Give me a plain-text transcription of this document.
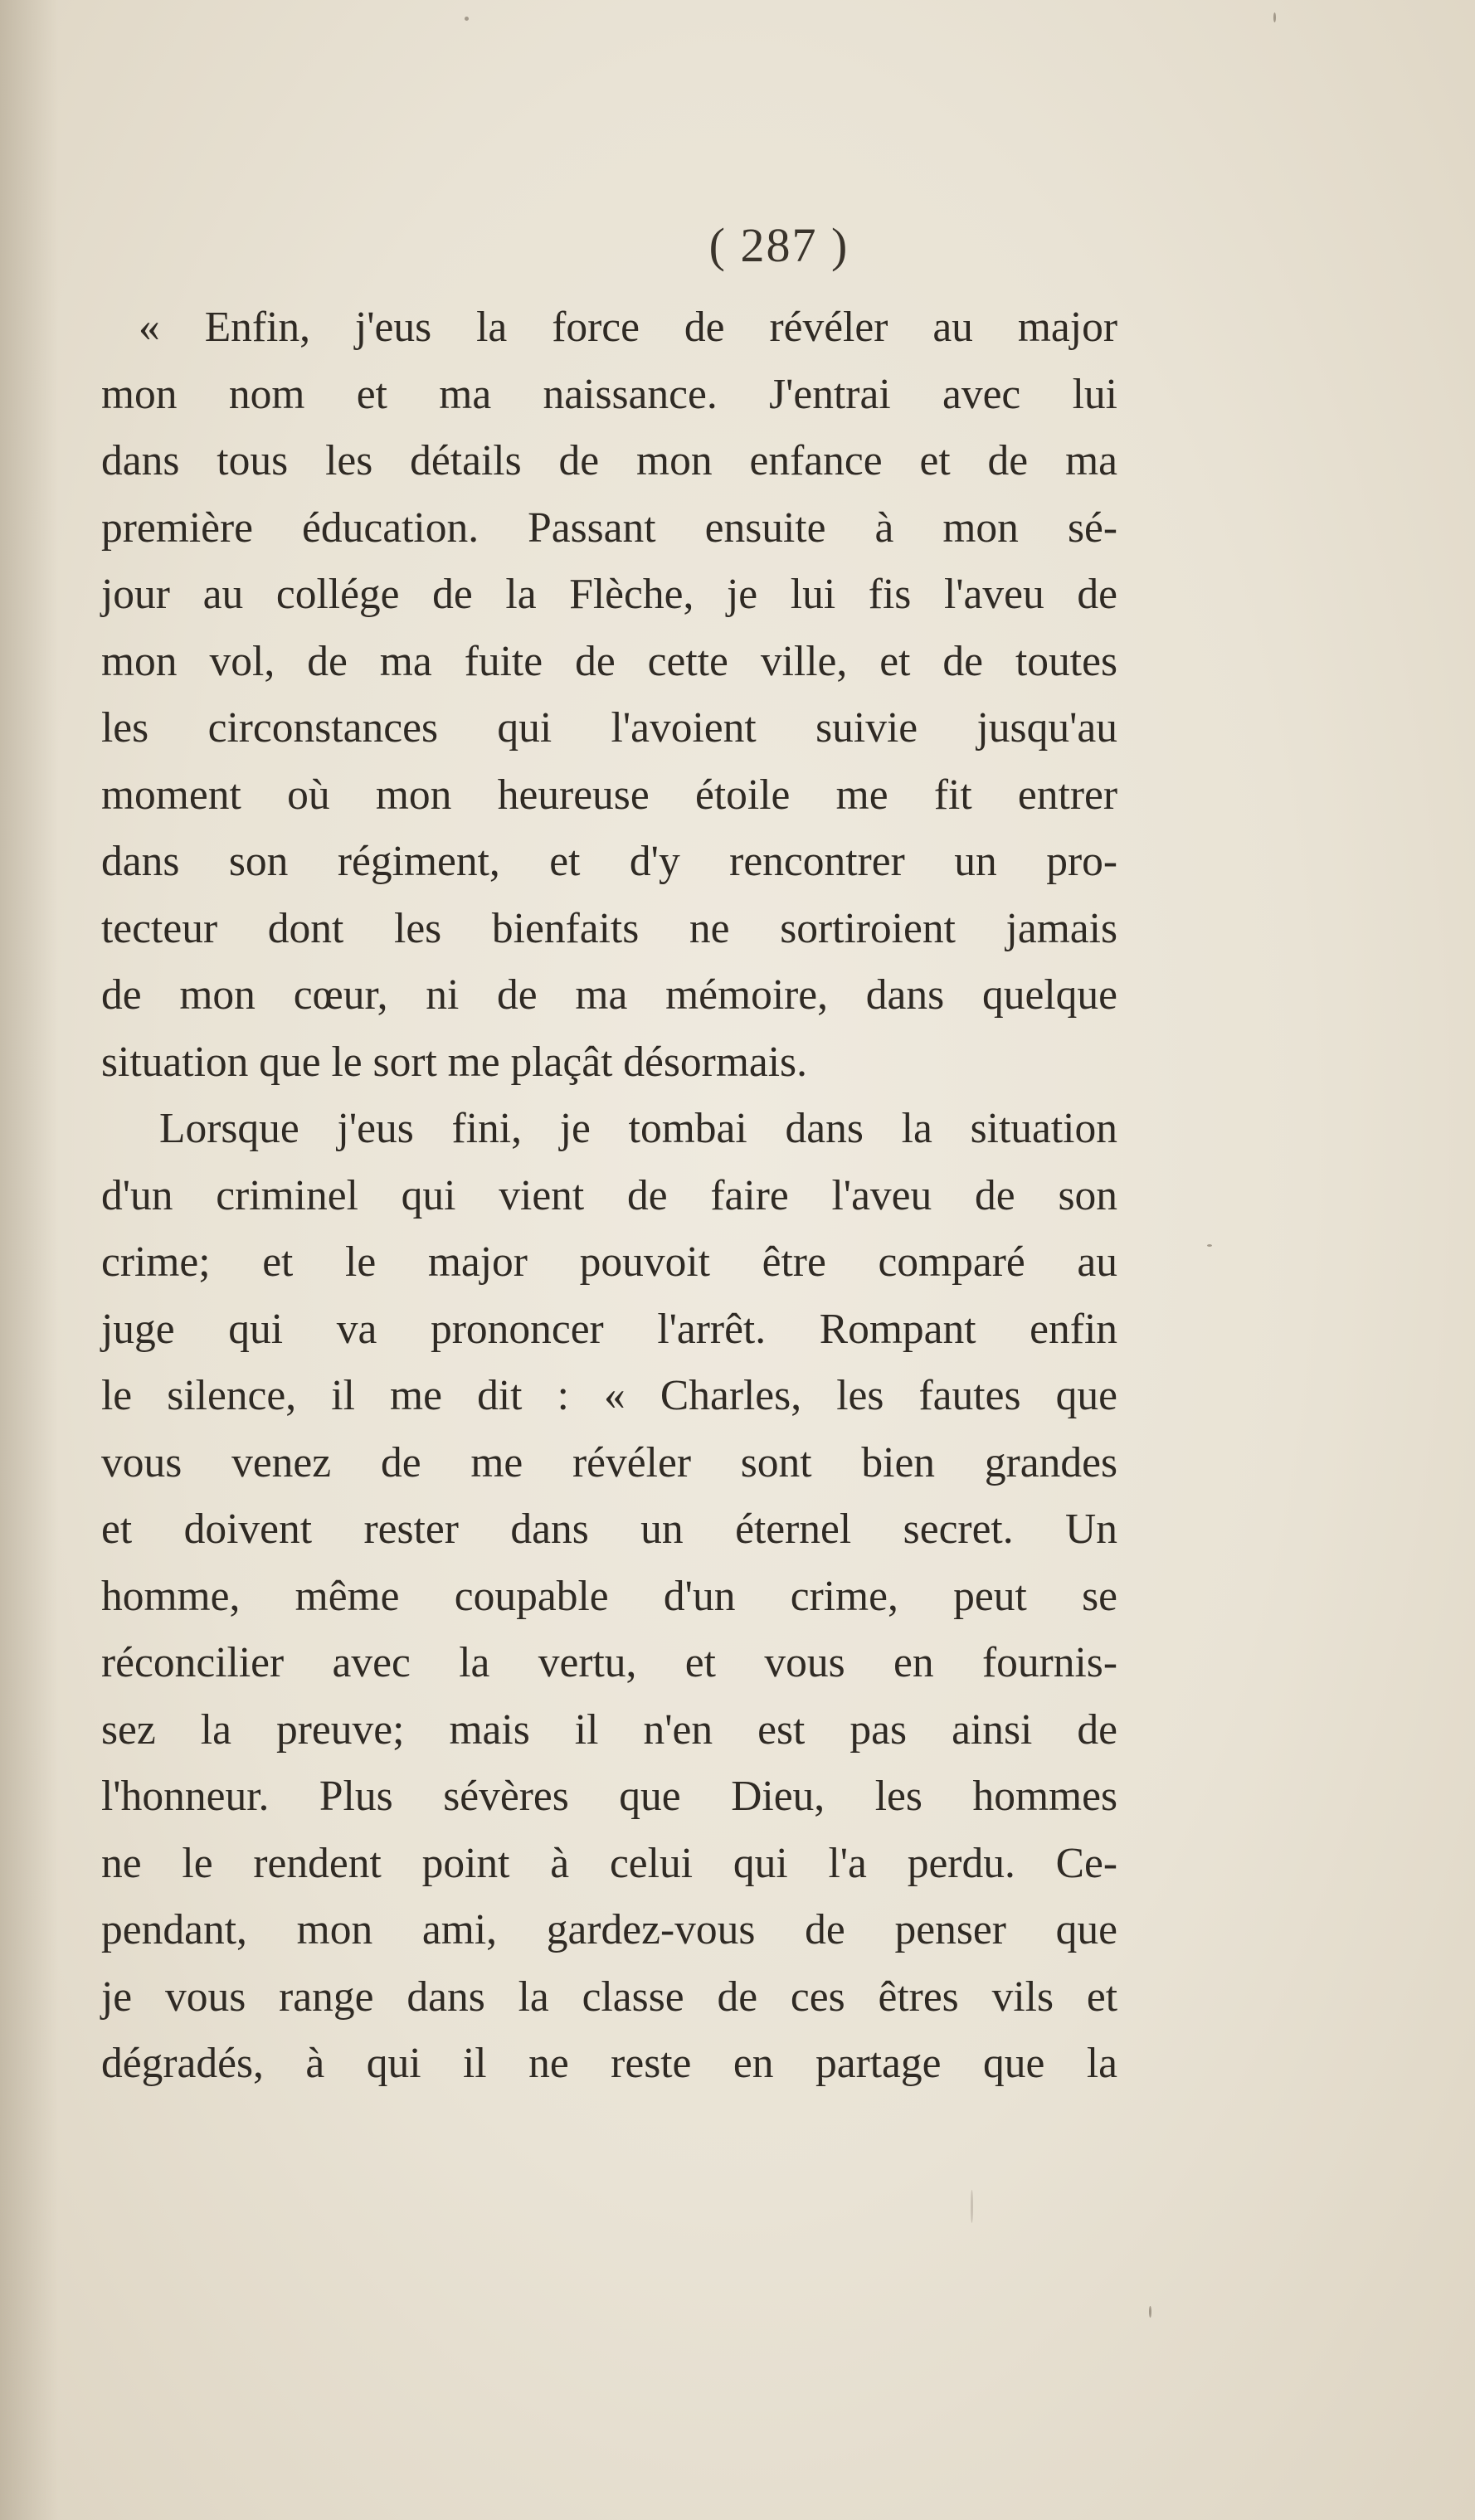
( 287 )
« Enfin, j'eus la force de révéler au major
mon nom et ma naissance. J'entrai avec lui
dans tous les détails de mon enfance et de ma
première éducation. Passant ensuite à mon sé-
jour au collége de la Flèche, je lui fis l'aveu de
mon vol, de ma fuite de cette ville, et de toutes
les circonstances qui l'avoient suivie jusqu'au
moment où mon heureuse étoile me fit entrer
dans son régiment, et d'y rencontrer un pro-
tecteur dont les bienfaits ne sortiroient jamais
de mon cœur, ni de ma mémoire, dans quelque
situation que le sort me plaçât désormais.
Lorsque j'eus fini, je tombai dans la situation
d'un criminel qui vient de faire l'aveu de son
crime; et le major pouvoit être comparé au
juge qui va prononcer l'arrêt. Rompant enfin
le silence, il me dit : « Charles, les fautes que
vous venez de me révéler sont bien grandes
et doivent rester dans un éternel secret. Un
homme, même coupable d'un crime, peut se
réconcilier avec la vertu, et vous en fournis-
sez la preuve; mais il n'en est pas ainsi de
l'honneur. Plus sévères que Dieu, les hommes
ne le rendent point à celui qui l'a perdu. Ce-
pendant, mon ami, gardez-vous de penser que
je vous range dans la classe de ces êtres vils et
dégradés, à qui il ne reste en partage que la
